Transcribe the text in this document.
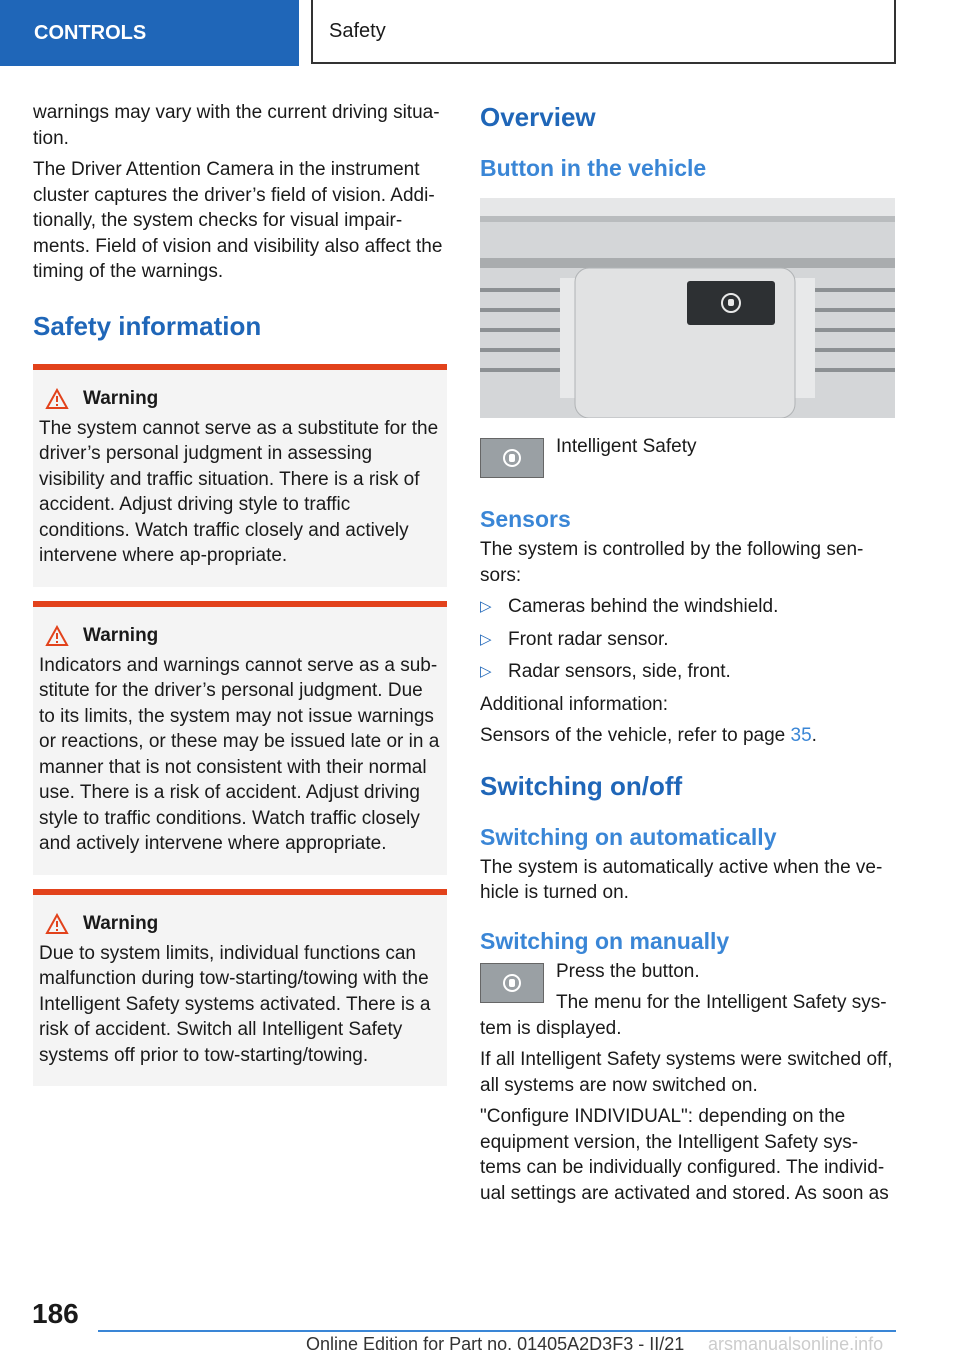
CONTROLS	Safety

warnings may vary with the current driving situa-tion.

The Driver Attention Camera in the instrument cluster captures the driver’s field of vision. Addi-tionally, the system checks for visual impair-ments. Field of vision and visibility also affect the timing of the warnings.

Safety information
Warning

The system cannot serve as a substitute for the driver’s personal judgment in assessing visibility and traffic situation. There is a risk of accident. Adjust driving style to traffic conditions. Watch traffic closely and actively intervene where ap-propriate.

Warning

Indicators and warnings cannot serve as a sub-stitute for the driver’s personal judgment. Due to its limits, the system may not issue warnings or reactions, or these may be issued late or in a manner that is not consistent with their normal use. There is a risk of accident. Adjust driving style to traffic conditions. Watch traffic closely and actively intervene where appropriate.

Warning

Due to system limits, individual functions can malfunction during tow-starting/towing with the Intelligent Safety systems activated. There is a risk of accident. Switch all Intelligent Safety systems off prior to tow-starting/towing.

Overview
Button in the vehicle

Intelligent Safety

Sensors

The system is controlled by the following sen-sors:

▷ Cameras behind the windshield.
▷ Front radar sensor.
▷ Radar sensors, side, front.

Additional information:

Sensors of the vehicle, refer to page 35.

Switching on/off
Switching on automatically

The system is automatically active when the ve-hicle is turned on.

Switching on manually

Press the button.

The menu for the Intelligent Safety sys-

tem is displayed.

If all Intelligent Safety systems were switched off, all systems are now switched on.

"Configure INDIVIDUAL": depending on the equipment version, the Intelligent Safety sys-tems can be individually configured. The individ-ual settings are activated and stored. As soon as

186
Online Edition for Part no. 01405A2D3F3 - II/21 arsmanualsonline.info
